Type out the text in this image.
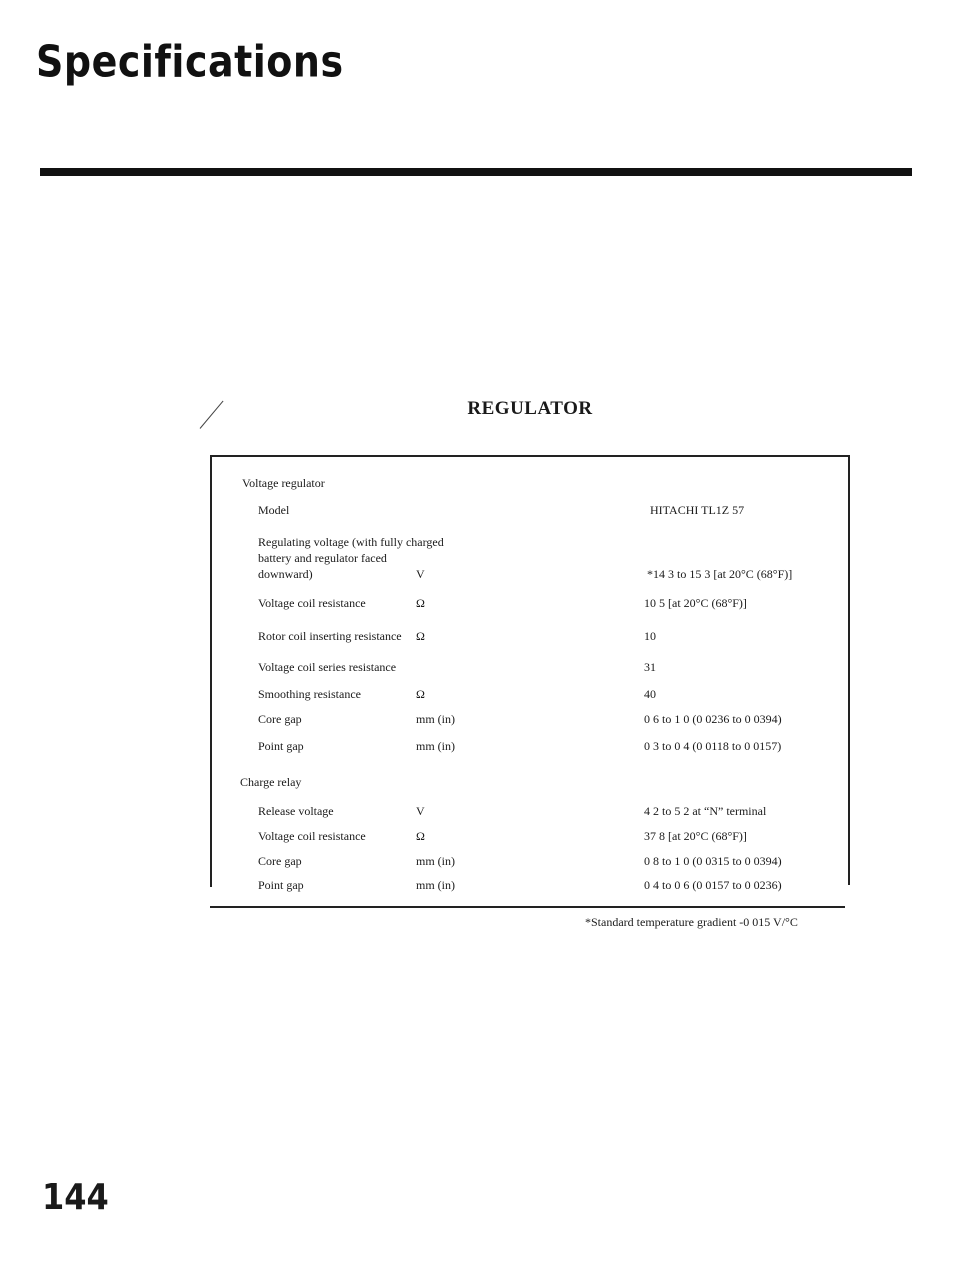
Specifications
REGULATOR
Voltage regulator
Model	HITACHI TL1Z 57
Regulating voltage (with fully charged
battery and regulator faced
downward)	V	*14 3 to 15 3 [at 20°C (68°F)]
Voltage coil resistance	Ω	10 5 [at 20°C (68°F)]
Rotor coil inserting resistance Ω	10
Voltage coil series resistance	31
Smoothing resistance	Ω	40
Core gap	mm (in)	0 6 to 1 0 (0 0236 to 0 0394)
Point gap	mm (in)	0 3 to 0 4 (0 0118 to 0 0157)
Charge relay
Release voltage	V	4 2 to 5 2 at “N” terminal
Voltage coil resistance	Ω	37 8 [at 20°C (68°F)]
Core gap	mm (in)	0 8 to 1 0 (0 0315 to 0 0394)
Point gap	mm (in)	0 4 to 0 6 (0 0157 to 0 0236)
*Standard temperature gradient -0 015 V/°C
144
